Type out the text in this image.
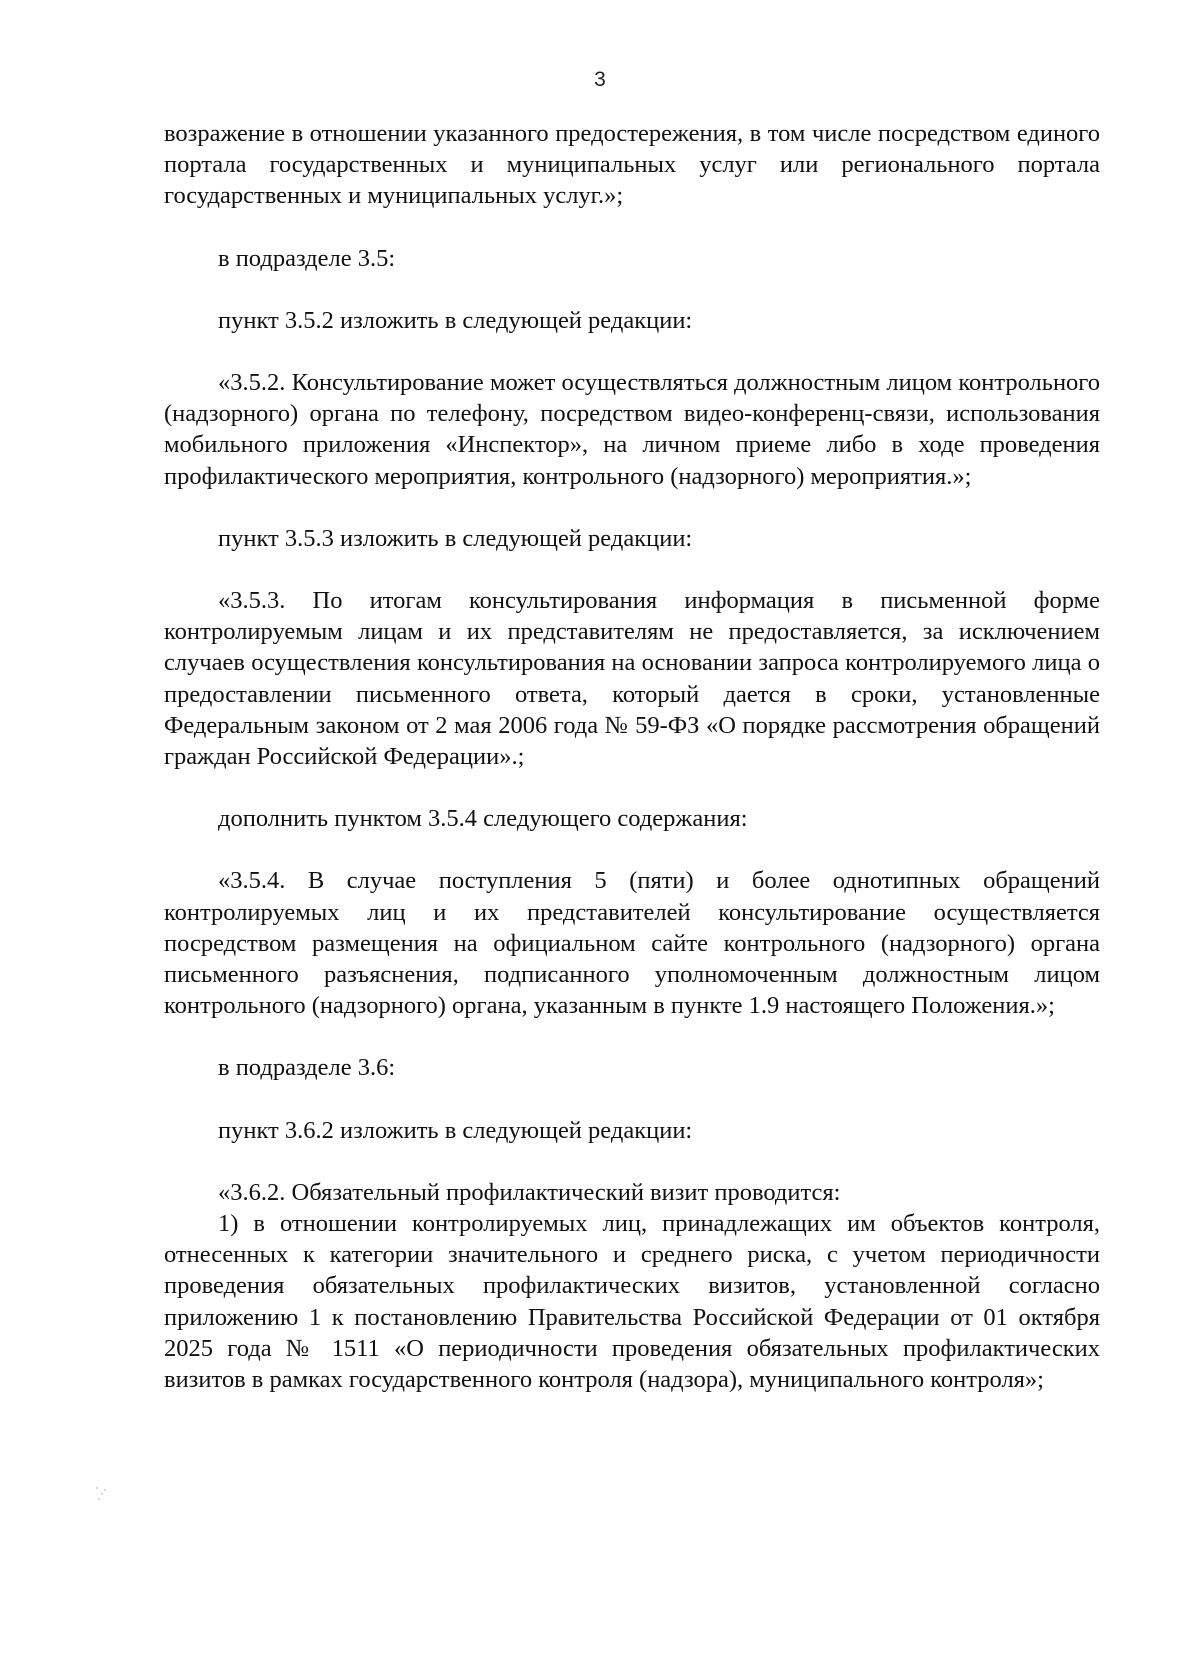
3

возражение в отношении указанного предостережения, в том числе посредством единого портала государственных и муниципальных услуг или регионального портала государственных и муниципальных услуг.»;

в подразделе 3.5:

пункт 3.5.2 изложить в следующей редакции:

«3.5.2. Консультирование может осуществляться должностным лицом контрольного (надзорного) органа по телефону, посредством видео-конференц-связи, использования мобильного приложения «Инспектор», на личном приеме либо в ходе проведения профилактического мероприятия, контрольного (надзорного) мероприятия.»;

пункт 3.5.3 изложить в следующей редакции:

«3.5.3. По итогам консультирования информация в письменной форме контролируемым лицам и их представителям не предоставляется, за исключением случаев осуществления консультирования на основании запроса контролируемого лица о предоставлении письменного ответа, который дается в сроки, установленные Федеральным законом от 2 мая 2006 года № 59-ФЗ «О порядке рассмотрения обращений граждан Российской Федерации».;

дополнить пунктом 3.5.4 следующего содержания:

«3.5.4. В случае поступления 5 (пяти) и более однотипных обращений контролируемых лиц и их представителей консультирование осуществляется посредством размещения на официальном сайте контрольного (надзорного) органа письменного разъяснения, подписанного уполномоченным должностным лицом контрольного (надзорного) органа, указанным в пункте 1.9 настоящего Положения.»;

в подразделе 3.6:

пункт 3.6.2 изложить в следующей редакции:

«3.6.2. Обязательный профилактический визит проводится:

1) в отношении контролируемых лиц, принадлежащих им объектов контроля, отнесенных к категории значительного и среднего риска, с учетом периодичности проведения обязательных профилактических визитов, установленной согласно приложению 1 к постановлению Правительства Российской Федерации от 01 октября 2025 года № 1511 «О периодичности проведения обязательных профилактических визитов в рамках государственного контроля (надзора), муниципального контроля»;
